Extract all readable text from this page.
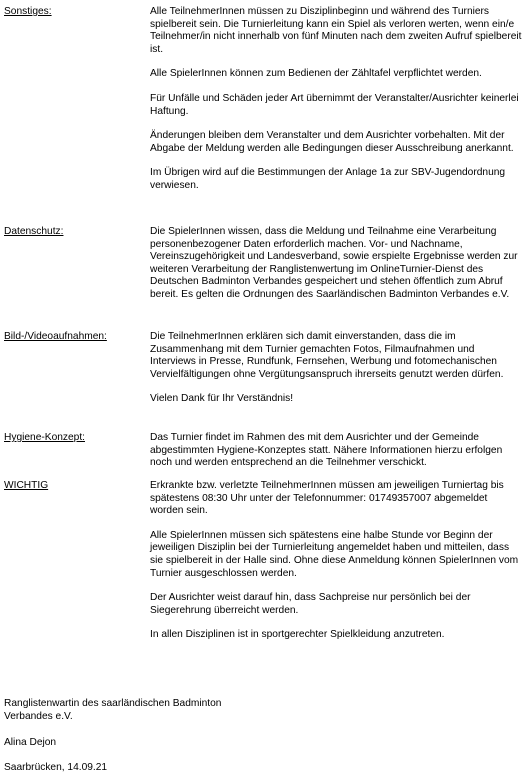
Sonstiges:	Alle TeilnehmerInnen müssen zu Disziplinbeginn und während des Turniers spielbereit sein. Die Turnierleitung kann ein Spiel als verloren werten, wenn ein/e Teilnehmer/in nicht innerhalb von fünf Minuten nach dem zweiten Aufruf spielbereit ist.

Alle SpielerInnen können zum Bedienen der Zähltafel verpflichtet werden.

Für Unfälle und Schäden jeder Art übernimmt der Veranstalter/Ausrichter keinerlei Haftung.

Änderungen bleiben dem Veranstalter und dem Ausrichter vorbehalten. Mit der Abgabe der Meldung werden alle Bedingungen dieser Ausschreibung anerkannt.

Im Übrigen wird auf die Bestimmungen der Anlage 1a zur SBV-Jugendordnung verwiesen.

Datenschutz:	Die SpielerInnen wissen, dass die Meldung und Teilnahme eine Verarbeitung personenbezogener Daten erforderlich machen. Vor- und Nachname, Vereinszugehörigkeit und Landesverband, sowie erspielte Ergebnisse werden zur weiteren Verarbeitung der Ranglistenwertung im OnlineTurnier-Dienst des Deutschen Badminton Verbandes gespeichert und stehen öffentlich zum Abruf bereit. Es gelten die Ordnungen des Saarländischen Badminton Verbandes e.V.

Bild-/Videoaufnahmen:	Die TeilnehmerInnen erklären sich damit einverstanden, dass die im Zusammenhang mit dem Turnier gemachten Fotos, Filmaufnahmen und Interviews in Presse, Rundfunk, Fernsehen, Werbung und fotomechanischen Vervielfältigungen ohne Vergütungsanspruch ihrerseits genutzt werden dürfen.

Vielen Dank für Ihr Verständnis!

Hygiene-Konzept:	Das Turnier findet im Rahmen des mit dem Ausrichter und der Gemeinde abgestimmten Hygiene-Konzeptes statt. Nähere Informationen hierzu erfolgen noch und werden entsprechend an die Teilnehmer verschickt.

WICHTIG	Erkrankte bzw. verletzte TeilnehmerInnen müssen am jeweiligen Turniertag bis spätestens 08:30 Uhr unter der Telefonnummer: 01749357007 abgemeldet worden sein.

Alle SpielerInnen müssen sich spätestens eine halbe Stunde vor Beginn der jeweiligen Disziplin bei der Turnierleitung angemeldet haben und mitteilen, dass sie spielbereit in der Halle sind. Ohne diese Anmeldung können SpielerInnen vom Turnier ausgeschlossen werden.

Der Ausrichter weist darauf hin, dass Sachpreise nur persönlich bei der Siegerehrung überreicht werden.

In allen Disziplinen ist in sportgerechter Spielkleidung anzutreten.

Ranglistenwartin des saarländischen Badminton

Verbandes e.V.

Alina Dejon

Saarbrücken, 14.09.21
